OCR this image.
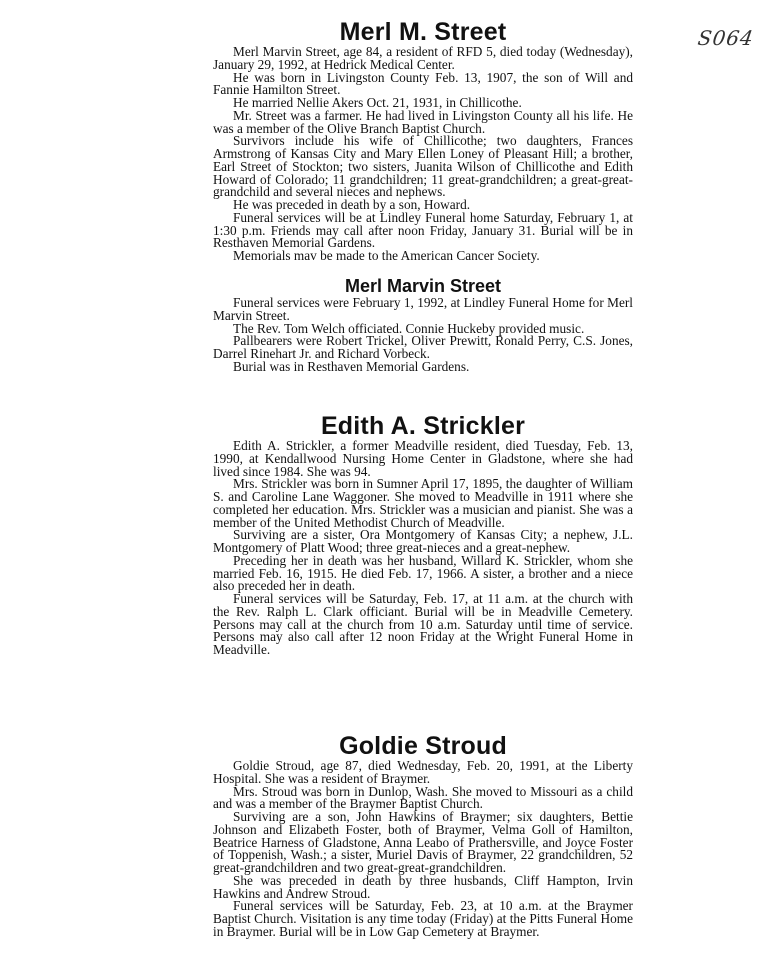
S064
Merl M. Street

Merl Marvin Street, age 84, a resident of RFD 5, died today (Wednesday), January 29, 1992, at Hedrick Medical Center.

He was born in Livingston County Feb. 13, 1907, the son of Will and Fannie Hamilton Street.

He married Nellie Akers Oct. 21, 1931, in Chillicothe.

Mr. Street was a farmer. He had lived in Livingston County all his life. He was a member of the Olive Branch Baptist Church.

Survivors include his wife of Chillicothe; two daughters, Frances Armstrong of Kansas City and Mary Ellen Loney of Pleasant Hill; a brother, Earl Street of Stockton; two sisters, Juanita Wilson of Chillicothe and Edith Howard of Colorado; 11 grandchildren; 11 great-grandchildren; a great-great-grandchild and several nieces and nephews.

He was preceded in death by a son, Howard.

Funeral services will be at Lindley Funeral home Saturday, February 1, at 1:30 p.m. Friends may call after noon Friday, January 31. Burial will be in Resthaven Memorial Gardens.

Memorials mav be made to the American Cancer Society.

Merl Marvin Street

Funeral services were February 1, 1992, at Lindley Funeral Home for Merl Marvin Street.

The Rev. Tom Welch officiated. Connie Huckeby provided music.

Pallbearers were Robert Trickel, Oliver Prewitt, Ronald Perry, C.S. Jones, Darrel Rinehart Jr. and Richard Vorbeck.

Burial was in Resthaven Memorial Gardens.

Edith A. Strickler

Edith A. Strickler, a former Meadville resident, died Tuesday, Feb. 13, 1990, at Kendallwood Nursing Home Center in Gladstone, where she had lived since 1984. She was 94.

Mrs. Strickler was born in Sumner April 17, 1895, the daughter of William S. and Caroline Lane Waggoner. She moved to Meadville in 1911 where she completed her education. Mrs. Strickler was a musician and pianist. She was a member of the United Methodist Church of Meadville.

Surviving are a sister, Ora Montgomery of Kansas City; a nephew, J.L. Montgomery of Platt Wood; three great-nieces and a great-nephew.

Preceding her in death was her husband, Willard K. Strickler, whom she married Feb. 16, 1915. He died Feb. 17, 1966. A sister, a brother and a niece also preceded her in death.

Funeral services will be Saturday, Feb. 17, at 11 a.m. at the church with the Rev. Ralph L. Clark officiant. Burial will be in Meadville Cemetery. Persons may call at the church from 10 a.m. Saturday until time of service. Persons may also call after 12 noon Friday at the Wright Funeral Home in Meadville.

Goldie Stroud

Goldie Stroud, age 87, died Wednesday, Feb. 20, 1991, at the Liberty Hospital. She was a resident of Braymer.

Mrs. Stroud was born in Dunlop, Wash. She moved to Missouri as a child and was a member of the Braymer Baptist Church.

Surviving are a son, John Hawkins of Braymer; six daughters, Bettie Johnson and Elizabeth Foster, both of Braymer, Velma Goll of Hamilton, Beatrice Harness of Gladstone, Anna Leabo of Prathersville, and Joyce Foster of Toppenish, Wash.; a sister, Muriel Davis of Braymer, 22 grandchildren, 52 great-grandchildren and two great-great-grandchildren.

She was preceded in death by three husbands, Cliff Hampton, Irvin Hawkins and Andrew Stroud.

Funeral services will be Saturday, Feb. 23, at 10 a.m. at the Braymer Baptist Church. Visitation is any time today (Friday) at the Pitts Funeral Home in Braymer. Burial will be in Low Gap Cemetery at Braymer.
